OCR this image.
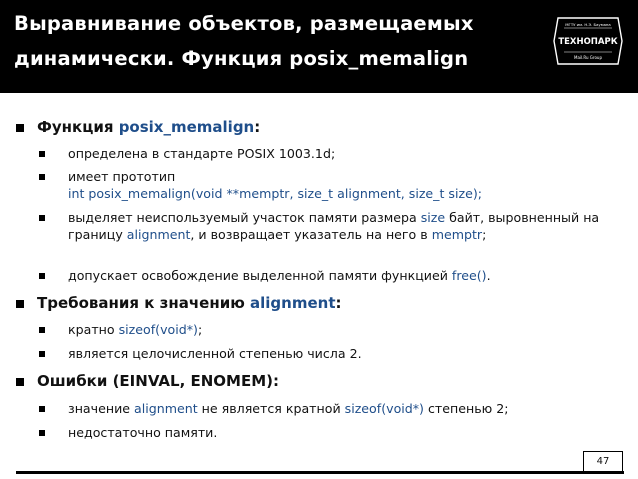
Выравнивание объектов, размещаемых
динамически. Функция posix_memalign
МГТУ им. Н.Э. Баумана
ТЕХНОПАРК
Mail.Ru Group
Функция posix_memalign:
определена в стандарте POSIX 1003.1d;
имеет прототип
int posix_memalign(void **memptr, size_t alignment, size_t size);
выделяет неиспользуемый участок памяти размера size байт, выровненный на границу alignment, и возвращает указатель на него в memptr;
допускает освобождение выделенной памяти функцией free().
Требования к значению alignment:
кратно sizeof(void*);
является целочисленной степенью числа 2.
Ошибки (EINVAL, ENOMEM):
значение alignment не является кратной sizeof(void*) степенью 2;
недостаточно памяти.
47
